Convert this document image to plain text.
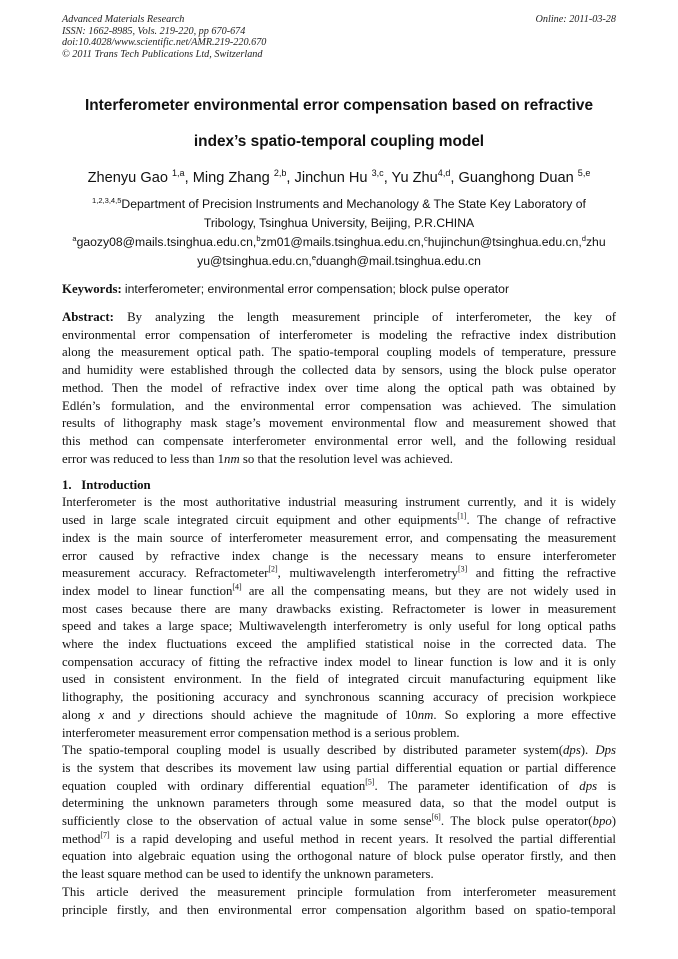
Advanced Materials Research
ISSN: 1662-8985, Vols. 219-220, pp 670-674
doi:10.4028/www.scientific.net/AMR.219-220.670
© 2011 Trans Tech Publications Ltd, Switzerland
Online: 2011-03-28
Interferometer environmental error compensation based on refractive
index’s spatio-temporal coupling model
Zhenyu Gao $^{1,a}$, Ming Zhang $^{2,b}$, Jinchun Hu $^{3,c}$, Yu Zhu$^{4,d}$, Guanghong Duan $^{5,e}$
$^{1,2,3,4,5}$Department of Precision Instruments and Mechanology & The State Key Laboratory of
Tribology, Tsinghua University, Beijing, P.R.CHINA
$^a$gaozy08@mails.tsinghua.edu.cn,$^b$zm01@mails.tsinghua.edu.cn,$^c$hujinchun@tsinghua.edu.cn,$^d$zhu
yu@tsinghua.edu.cn,$^e$duangh@mail.tsinghua.edu.cn
Keywords: interferometer; environmental error compensation; block pulse operator
Abstract: By analyzing the length measurement principle of interferometer, the key of
environmental error compensation of interferometer is modeling the refractive index distribution
along the measurement optical path. The spatio-temporal coupling models of temperature, pressure
and humidity were established through the collected data by sensors, using the block pulse operator
method. Then the model of refractive index over time along the optical path was obtained by
Edlén’s formulation, and the environmental error compensation was achieved. The simulation
results of lithography mask stage’s movement environmental flow and measurement showed that
this method can compensate interferometer environmental error well, and the following residual
error was reduced to less than 1nm so that the resolution level was achieved.
1. Introduction
Interferometer is the most authoritative industrial measuring instrument currently, and it is widely
used in large scale integrated circuit equipment and other equipments[1]. The change of refractive
index is the main source of interferometer measurement error, and compensating the measurement
error caused by refractive index change is the necessary means to ensure interferometer
measurement accuracy. Refractometer[2], multiwavelength interferometry[3] and fitting the refractive
index model to linear function[4] are all the compensating means, but they are not widely used in
most cases because there are many drawbacks existing. Refractometer is lower in measurement
speed and takes a large space; Multiwavelength interferometry is only useful for long optical paths
where the index fluctuations exceed the amplified statistical noise in the corrected data. The
compensation accuracy of fitting the refractive index model to linear function is low and it is only
used in consistent environment. In the field of integrated circuit manufacturing equipment like
lithography, the positioning accuracy and synchronous scanning accuracy of precision workpiece
along x and y directions should achieve the magnitude of 10nm. So exploring a more effective
interferometer measurement error compensation method is a serious problem.
The spatio-temporal coupling model is usually described by distributed parameter system(dps). Dps
is the system that describes its movement law using partial differential equation or partial difference
equation coupled with ordinary differential equation[5]. The parameter identification of dps is
determining the unknown parameters through some measured data, so that the model output is
sufficiently close to the observation of actual value in some sense[6]. The block pulse operator(bpo)
method[7] is a rapid developing and useful method in recent years. It resolved the partial differential
equation into algebraic equation using the orthogonal nature of block pulse operator firstly, and then
the least square method can be used to identify the unknown parameters.
This article derived the measurement principle formulation from interferometer measurement
principle firstly, and then environmental error compensation algorithm based on spatio-temporal
